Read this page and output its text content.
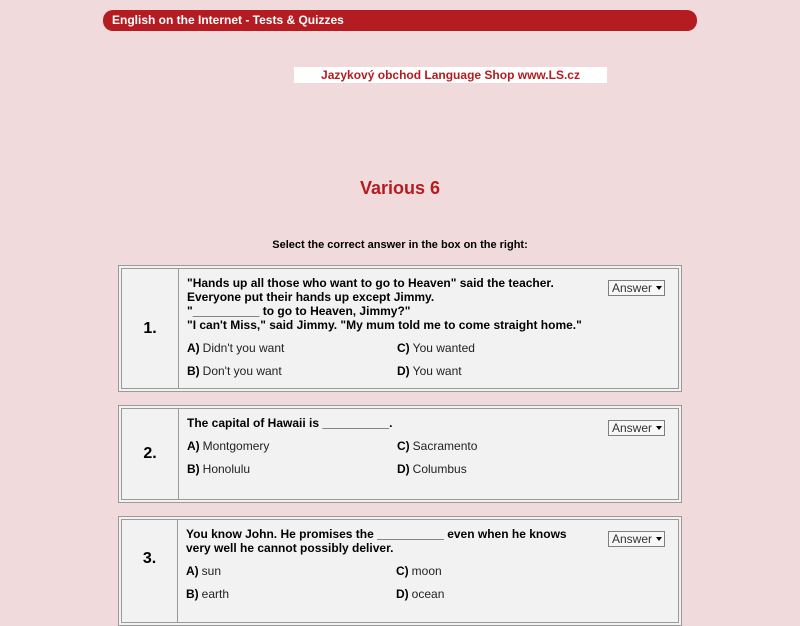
English on the Internet - Tests & Quizzes
Jazykový obchod Language Shop www.LS.cz
Various 6
Select the correct answer in the box on the right:
1.
"Hands up all those who want to go to Heaven" said the teacher.
Everyone put their hands up except Jimmy.
"__________ to go to Heaven, Jimmy?"
"I can't Miss," said Jimmy. "My mum told me to come straight home."
A) Didn't you want	C) You wanted
B) Don't you want	D) You want
Answer
2.
The capital of Hawaii is __________.
A) Montgomery	C) Sacramento
B) Honolulu	D) Columbus
Answer
3.
You know John. He promises the __________ even when he knows
very well he cannot possibly deliver.
A) sun	C) moon
B) earth	D) ocean
Answer
